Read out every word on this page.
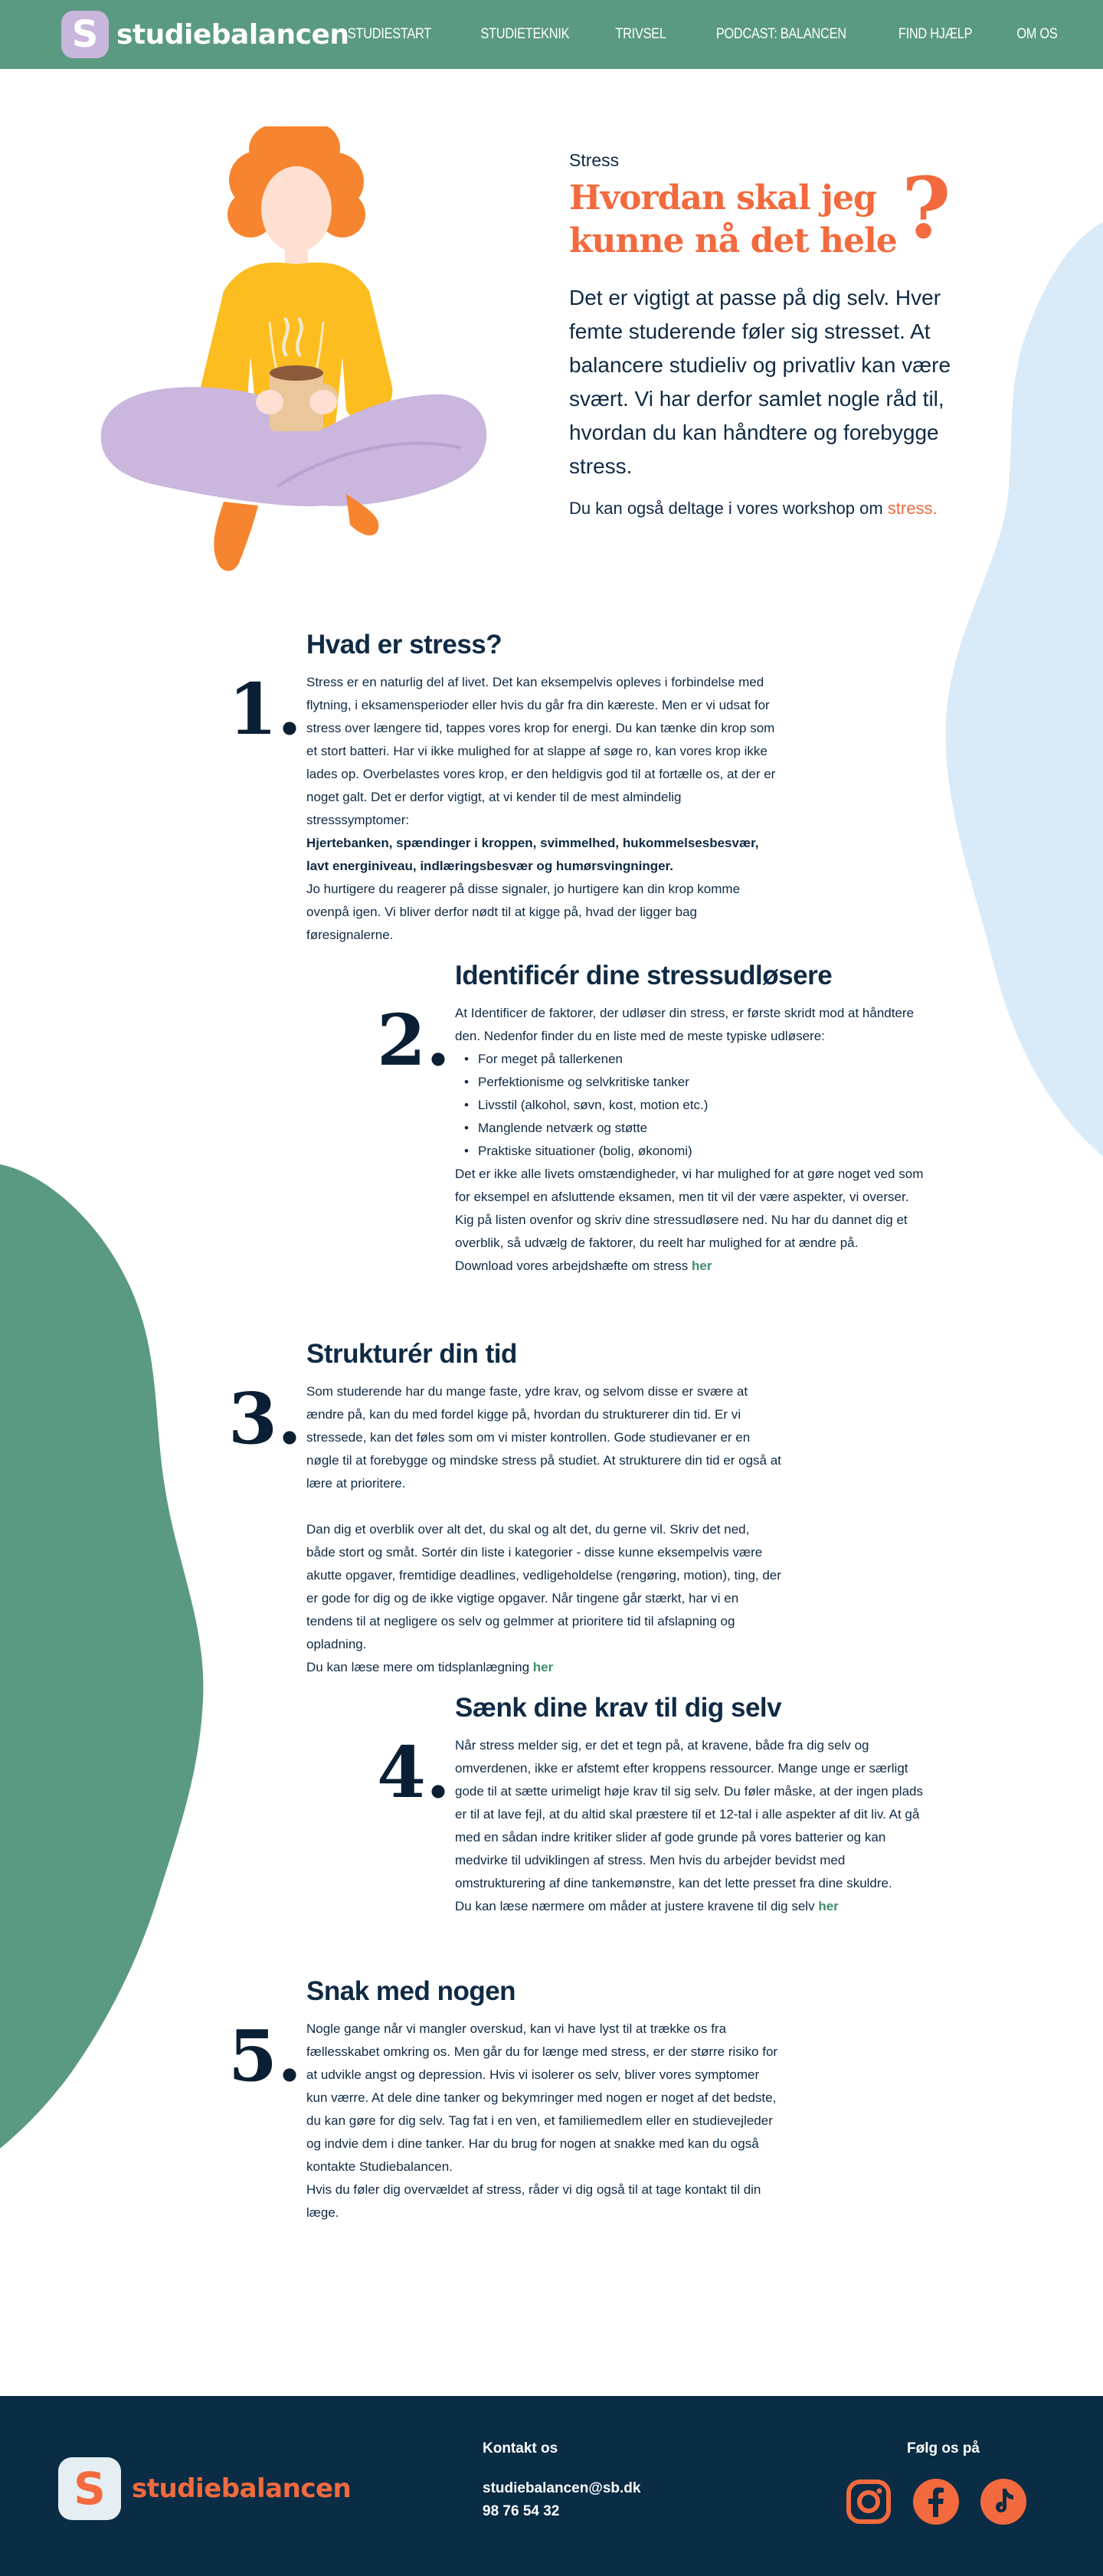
S studiebalancen
STUDIESTART	STUDIETEKNIK	TRIVSEL	PODCAST: BALANCEN	FIND HJÆLP	OM OS
Stress
Hvordan skal jeg kunne nå det hele ?

Det er vigtigt at passe på dig selv. Hver femte studerende føler sig stresset. At balancere studieliv og privatliv kan være svært. Vi har derfor samlet nogle råd til, hvordan du kan håndtere og forebygge stress.

Du kan også deltage i vores workshop om stress.

1.
Hvad er stress?

Stress er en naturlig del af livet. Det kan eksempelvis opleves i forbindelse med flytning, i eksamensperioder eller hvis du går fra din kæreste. Men er vi udsat for stress over længere tid, tappes vores krop for energi. Du kan tænke din krop som et stort batteri. Har vi ikke mulighed for at slappe af søge ro, kan vores krop ikke lades op. Overbelastes vores krop, er den heldigvis god til at fortælle os, at der er noget galt. Det er derfor vigtigt, at vi kender til de mest almindelig stresssymptomer:

Hjertebanken, spændinger i kroppen, svimmelhed, hukommelsesbesvær, lavt energiniveau, indlæringsbesvær og humørsvingninger.

Jo hurtigere du reagerer på disse signaler, jo hurtigere kan din krop komme ovenpå igen. Vi bliver derfor nødt til at kigge på, hvad der ligger bag føresignalerne.

2.
Identificér dine stressudløsere

At Identificer de faktorer, der udløser din stress, er første skridt mod at håndtere den. Nedenfor finder du en liste med de meste typiske udløsere:

• For meget på tallerkenen
• Perfektionisme og selvkritiske tanker
• Livsstil (alkohol, søvn, kost, motion etc.)
• Manglende netværk og støtte
• Praktiske situationer (bolig, økonomi)

Det er ikke alle livets omstændigheder, vi har mulighed for at gøre noget ved som for eksempel en afsluttende eksamen, men tit vil der være aspekter, vi overser. Kig på listen ovenfor og skriv dine stressudløsere ned. Nu har du dannet dig et overblik, så udvælg de faktorer, du reelt har mulighed for at ændre på.

Download vores arbejdshæfte om stress her

3.
Strukturér din tid

Som studerende har du mange faste, ydre krav, og selvom disse er svære at ændre på, kan du med fordel kigge på, hvordan du strukturerer din tid. Er vi stressede, kan det føles som om vi mister kontrollen. Gode studievaner er en nøgle til at forebygge og mindske stress på studiet. At strukturere din tid er også at lære at prioritere.

Dan dig et overblik over alt det, du skal og alt det, du gerne vil. Skriv det ned, både stort og småt. Sortér din liste i kategorier - disse kunne eksempelvis være akutte opgaver, fremtidige deadlines, vedligeholdelse (rengøring, motion), ting, der er gode for dig og de ikke vigtige opgaver. Når tingene går stærkt, har vi en tendens til at negligere os selv og gelmmer at prioritere tid til afslapning og opladning.

Du kan læse mere om tidsplanlægning her

4.
Sænk dine krav til dig selv

Når stress melder sig, er det et tegn på, at kravene, både fra dig selv og omverdenen, ikke er afstemt efter kroppens ressourcer. Mange unge er særligt gode til at sætte urimeligt høje krav til sig selv. Du føler måske, at der ingen plads er til at lave fejl, at du altid skal præstere til et 12-tal i alle aspekter af dit liv. At gå med en sådan indre kritiker slider af gode grunde på vores batterier og kan medvirke til udviklingen af stress. Men hvis du arbejder bevidst med omstrukturering af dine tankemønstre, kan det lette presset fra dine skuldre.

Du kan læse nærmere om måder at justere kravene til dig selv her

5.
Snak med nogen

Nogle gange når vi mangler overskud, kan vi have lyst til at trække os fra fællesskabet omkring os. Men går du for længe med stress, er der større risiko for at udvikle angst og depression. Hvis vi isolerer os selv, bliver vores symptomer kun værre. At dele dine tanker og bekymringer med nogen er noget af det bedste, du kan gøre for dig selv. Tag fat i en ven, et familiemedlem eller en studievejleder og indvie dem i dine tanker. Har du brug for nogen at snakke med kan du også kontakte Studiebalancen.

Hvis du føler dig overvældet af stress, råder vi dig også til at tage kontakt til din læge.

S studiebalancen
Kontakt os
studiebalancen@sb.dk
98 76 54 32
Følg os på
